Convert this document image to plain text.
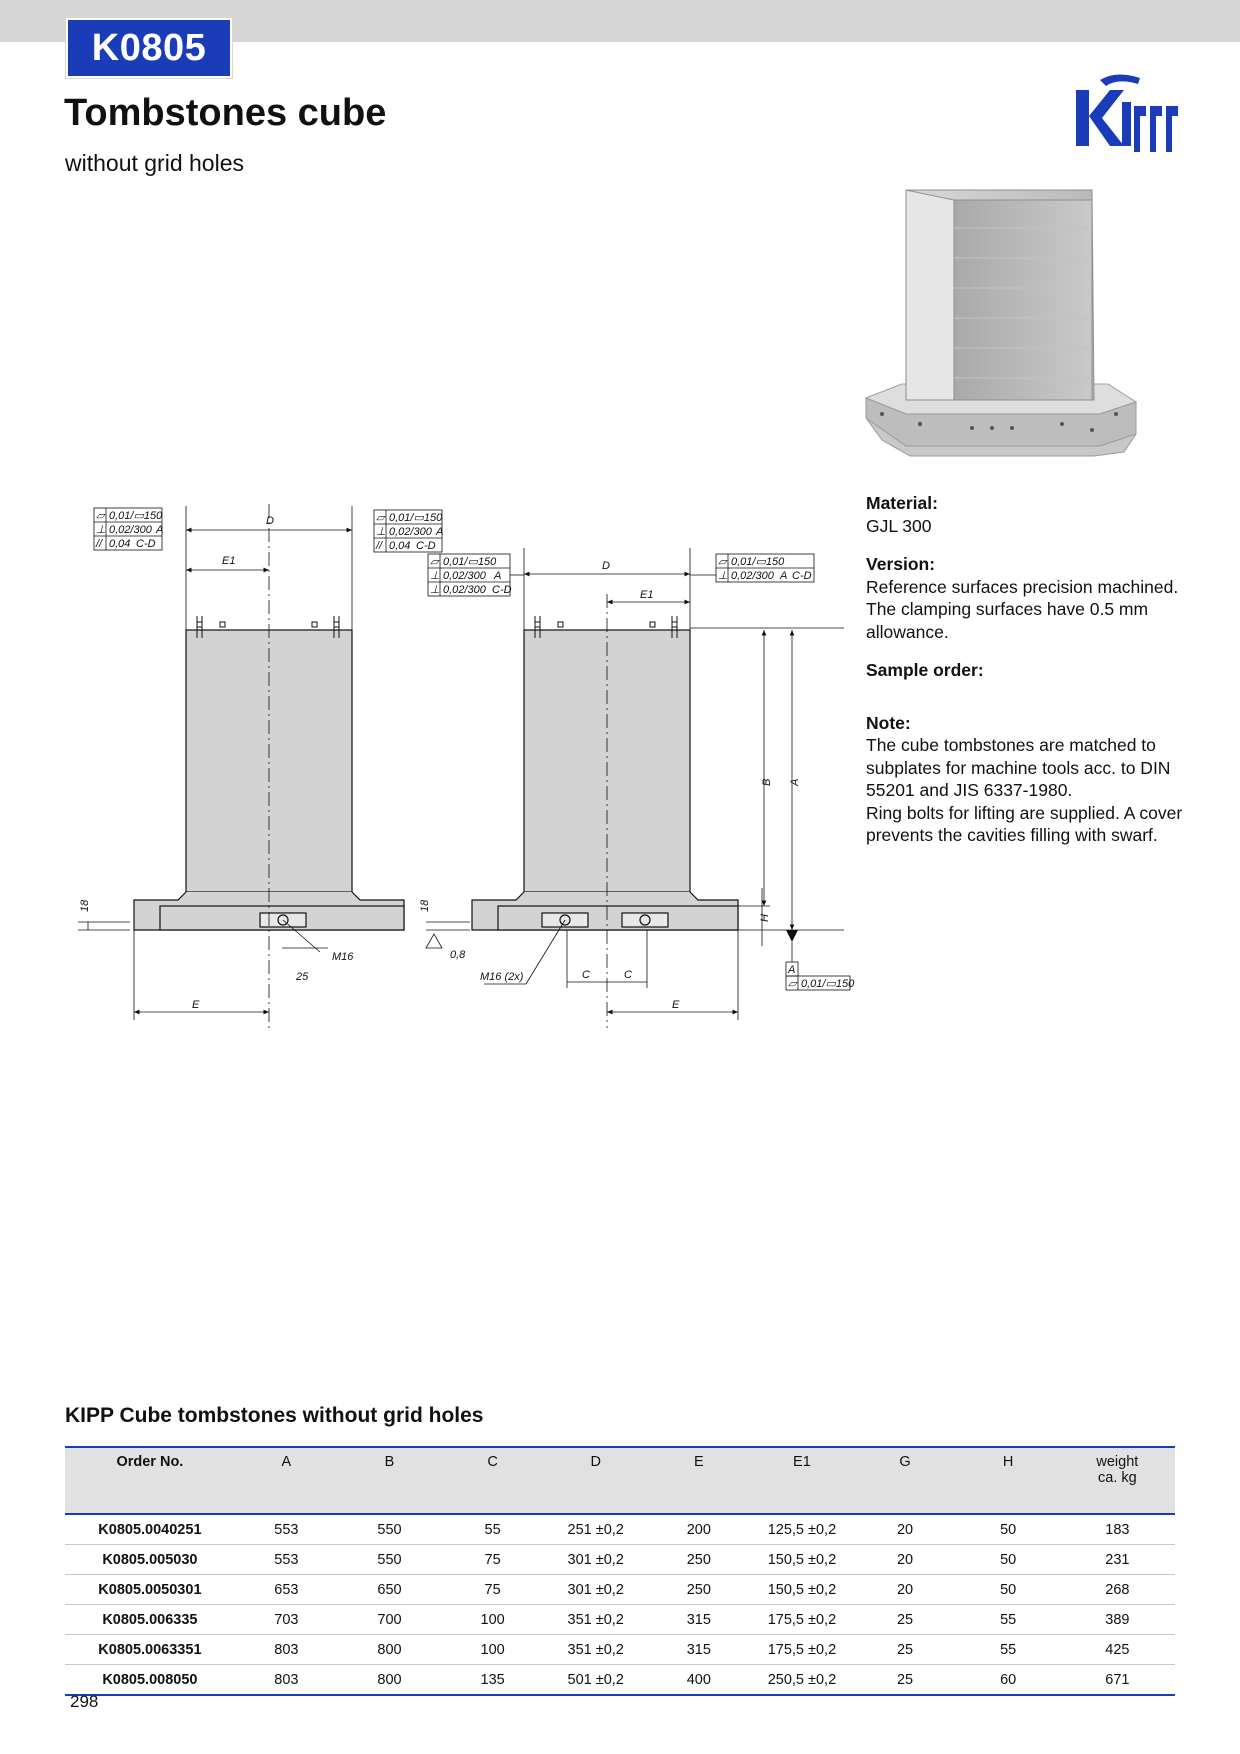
K0805
Tombstones cube
without grid holes
D
E1
E
25
M16
18
▱ 0,01/▭150
⊥ 0,02/300 A
// 0,04 C-D
▱ 0,01/▭150
⊥ 0,02/300 A
// 0,04 C-D
D
E1
E
C	C
M16 (2x)
0,8
18
A
B
H
▱ 0,01/▭150
⊥ 0,02/300 A
⊥ 0,02/300 C-D
▱ 0,01/▭150
⊥ 0,02/300 A C-D
A
▱ 0,01/▭150
Material:
GJL 300
Version:
Reference surfaces precision machined. The clamping surfaces have 0.5 mm allowance.
Sample order:
Note:
The cube tombstones are matched to subplates for machine tools acc. to DIN 55201 and JIS 6337-1980.
Ring bolts for lifting are supplied. A cover prevents the cavities filling with swarf.
KIPP Cube tombstones without grid holes
Order No.	A	B	C	D	E	E1	G	H	weight
ca. kg

K0805.0040251	553	550	55	251 ±0,2	200	125,5 ±0,2	20	50	183
K0805.005030	553	550	75	301 ±0,2	250	150,5 ±0,2	20	50	231
K0805.0050301	653	650	75	301 ±0,2	250	150,5 ±0,2	20	50	268
K0805.006335	703	700	100	351 ±0,2	315	175,5 ±0,2	25	55	389
K0805.0063351	803	800	100	351 ±0,2	315	175,5 ±0,2	25	55	425
K0805.008050	803	800	135	501 ±0,2	400	250,5 ±0,2	25	60	671
298
